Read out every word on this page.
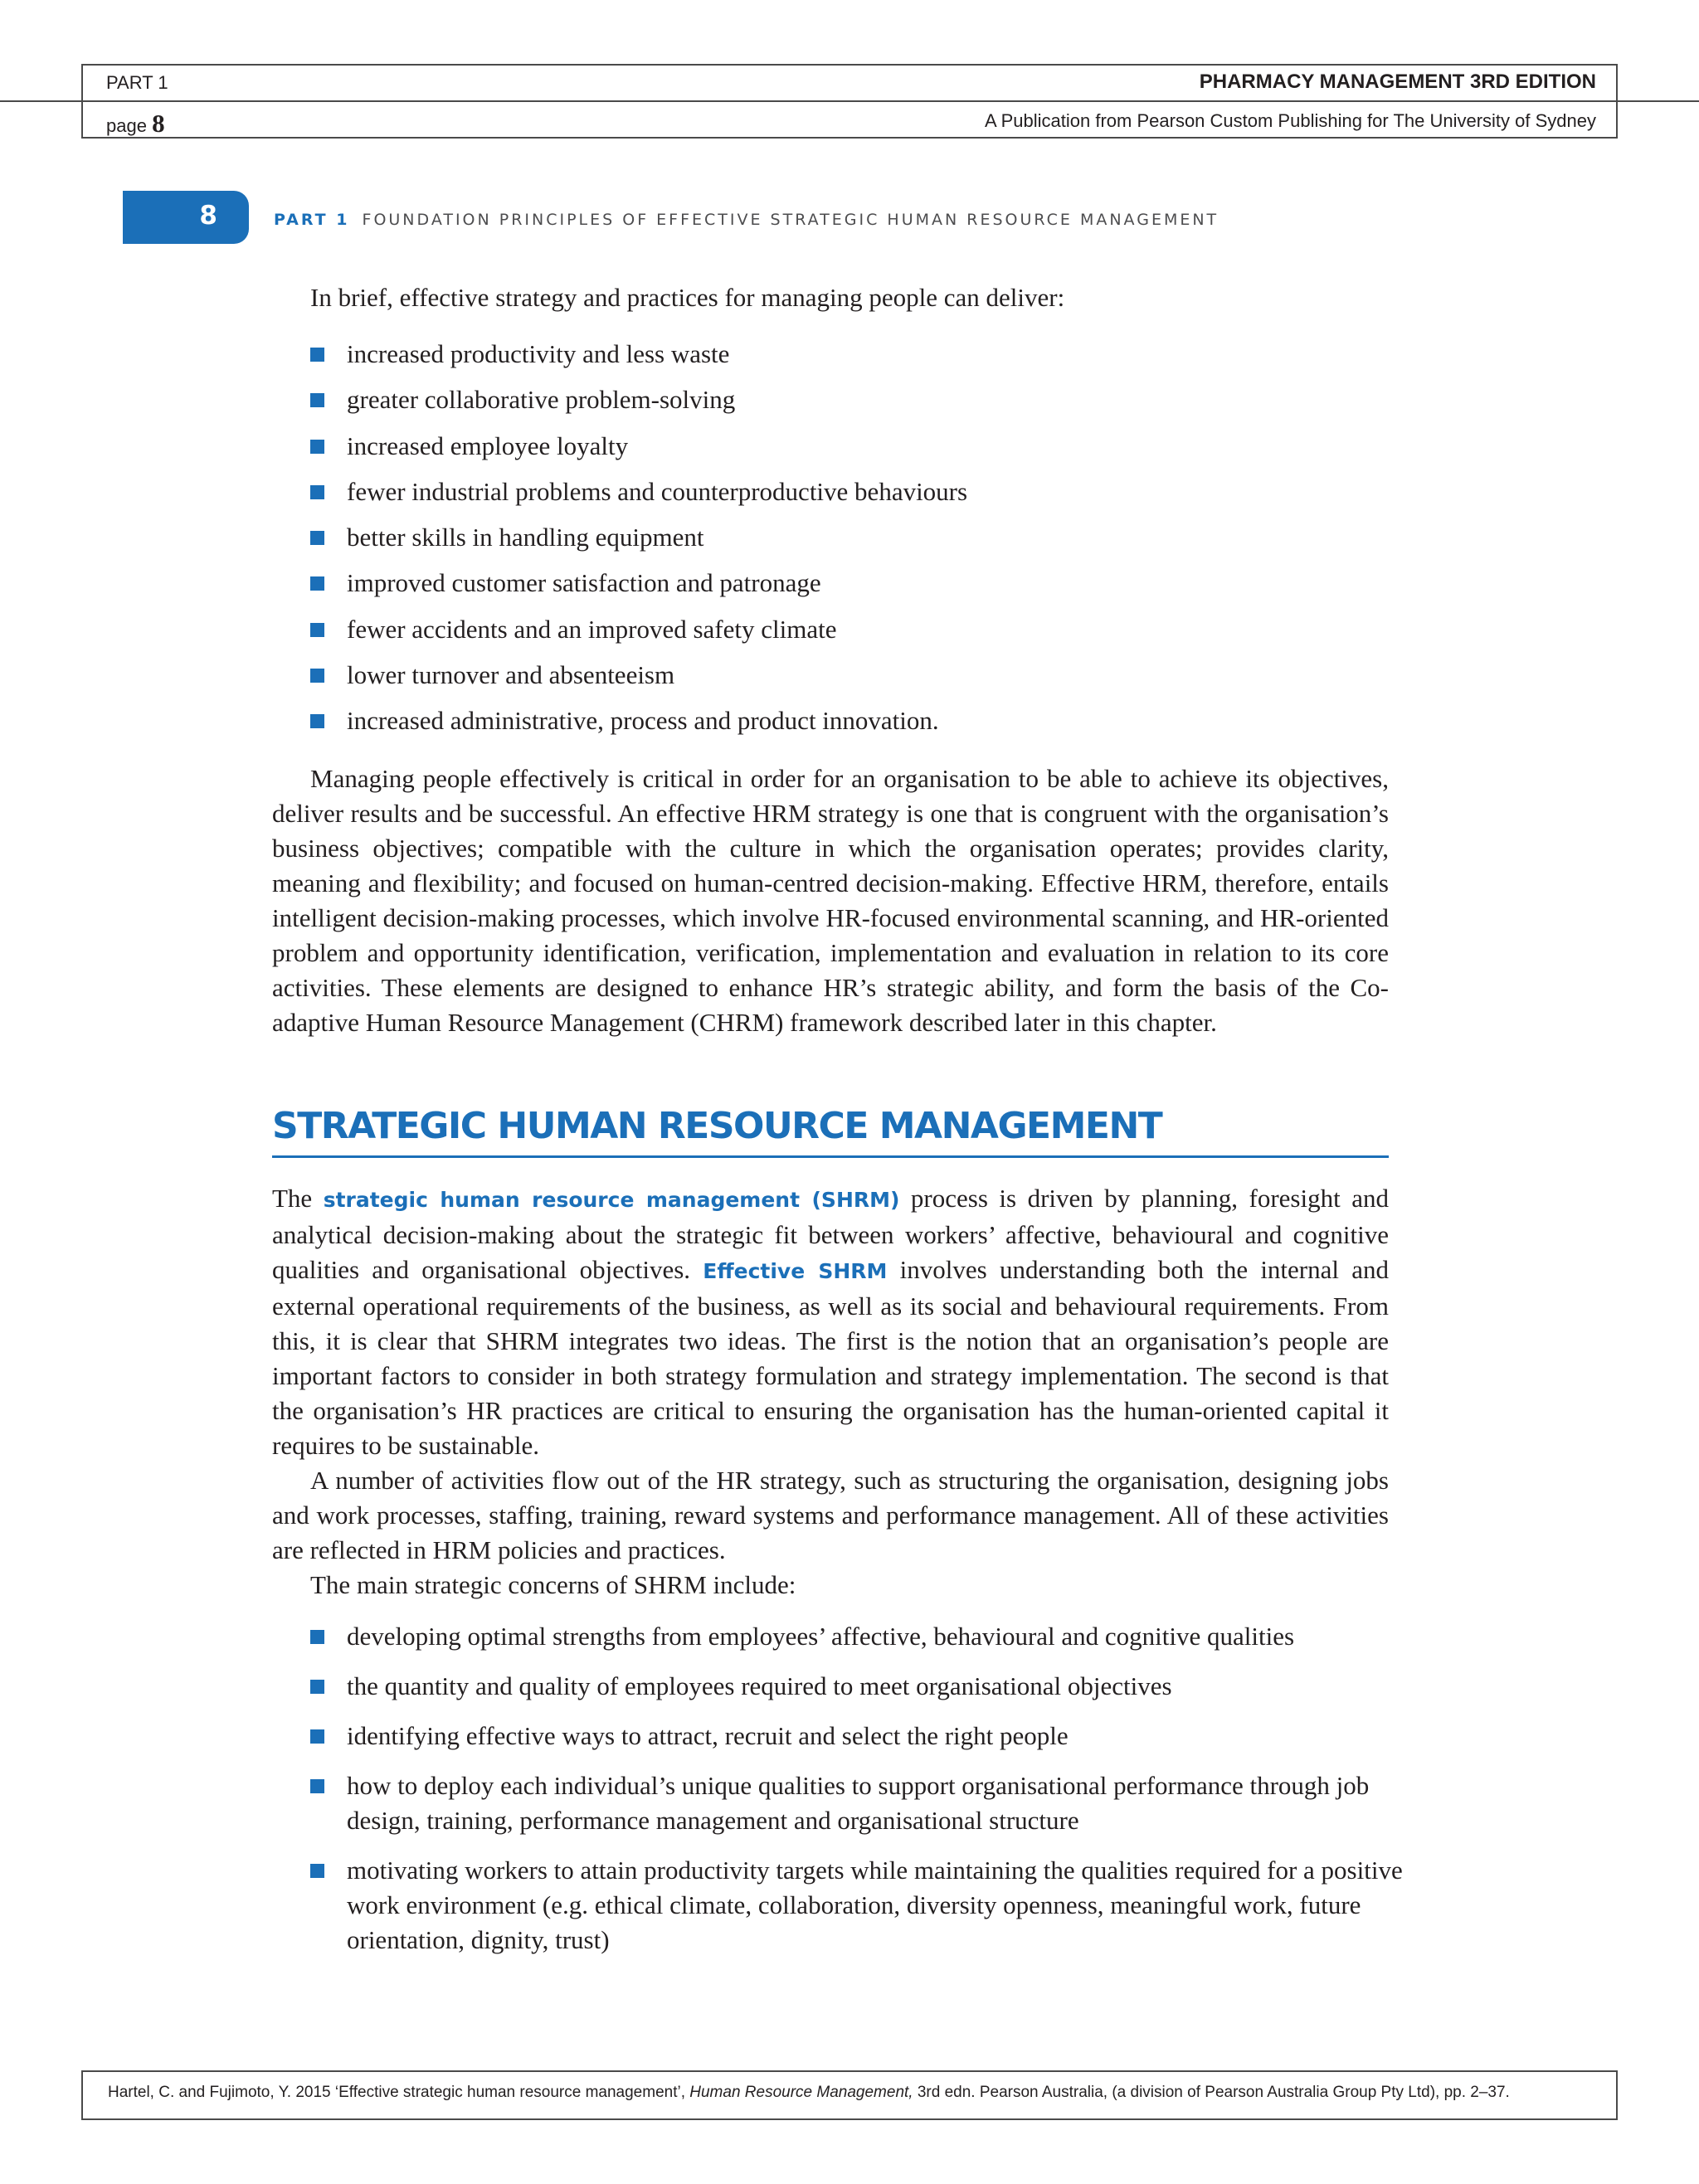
PART 1	PHARMACY MANAGEMENT 3RD EDITION
page 8	A Publication from Pearson Custom Publishing for The University of Sydney
8	PART 1 FOUNDATION PRINCIPLES OF EFFECTIVE STRATEGIC HUMAN RESOURCE MANAGEMENT
In brief, effective strategy and practices for managing people can deliver:
increased productivity and less waste
greater collaborative problem-solving
increased employee loyalty
fewer industrial problems and counterproductive behaviours
better skills in handling equipment
improved customer satisfaction and patronage
fewer accidents and an improved safety climate
lower turnover and absenteeism
increased administrative, process and product innovation.

Managing people effectively is critical in order for an organisation to be able to achieve its objectives, deliver results and be successful. An effective HRM strategy is one that is congruent with the organisation’s business objectives; compatible with the culture in which the organisation operates; provides clarity, meaning and flexibility; and focused on human-centred decision-making. Effective HRM, therefore, entails intelligent decision-making processes, which involve HR-focused environmental scanning, and HR-oriented problem and opportunity identification, verification, implementation and evaluation in relation to its core activities. These elements are designed to enhance HR’s strategic ability, and form the basis of the Co-adaptive Human Resource Management (CHRM) framework described later in this chapter.

STRATEGIC HUMAN RESOURCE MANAGEMENT

The strategic human resource management (SHRM) process is driven by planning, foresight and analytical decision-making about the strategic fit between workers’ affective, behavioural and cognitive qualities and organisational objectives. Effective SHRM involves understanding both the internal and external operational requirements of the business, as well as its social and behavioural requirements. From this, it is clear that SHRM integrates two ideas. The first is the notion that an organisation’s people are important factors to consider in both strategy formulation and strategy implementation. The second is that the organisation’s HR practices are critical to ensuring the organisation has the human-oriented capital it requires to be sustainable.

A number of activities flow out of the HR strategy, such as structuring the organisation, designing jobs and work processes, staffing, training, reward systems and performance management. All of these activities are reflected in HRM policies and practices.

The main strategic concerns of SHRM include:

developing optimal strengths from employees’ affective, behavioural and cognitive qualities
the quantity and quality of employees required to meet organisational objectives
identifying effective ways to attract, recruit and select the right people
how to deploy each individual’s unique qualities to support organisational performance through job design, training, performance management and organisational structure
motivating workers to attain productivity targets while maintaining the qualities required for a positive work environment (e.g. ethical climate, collaboration, diversity openness, meaningful work, future orientation, dignity, trust)
Hartel, C. and Fujimoto, Y. 2015 ‘Effective strategic human resource management’, Human Resource Management, 3rd edn. Pearson Australia, (a division of Pearson Australia Group Pty Ltd), pp. 2–37.
